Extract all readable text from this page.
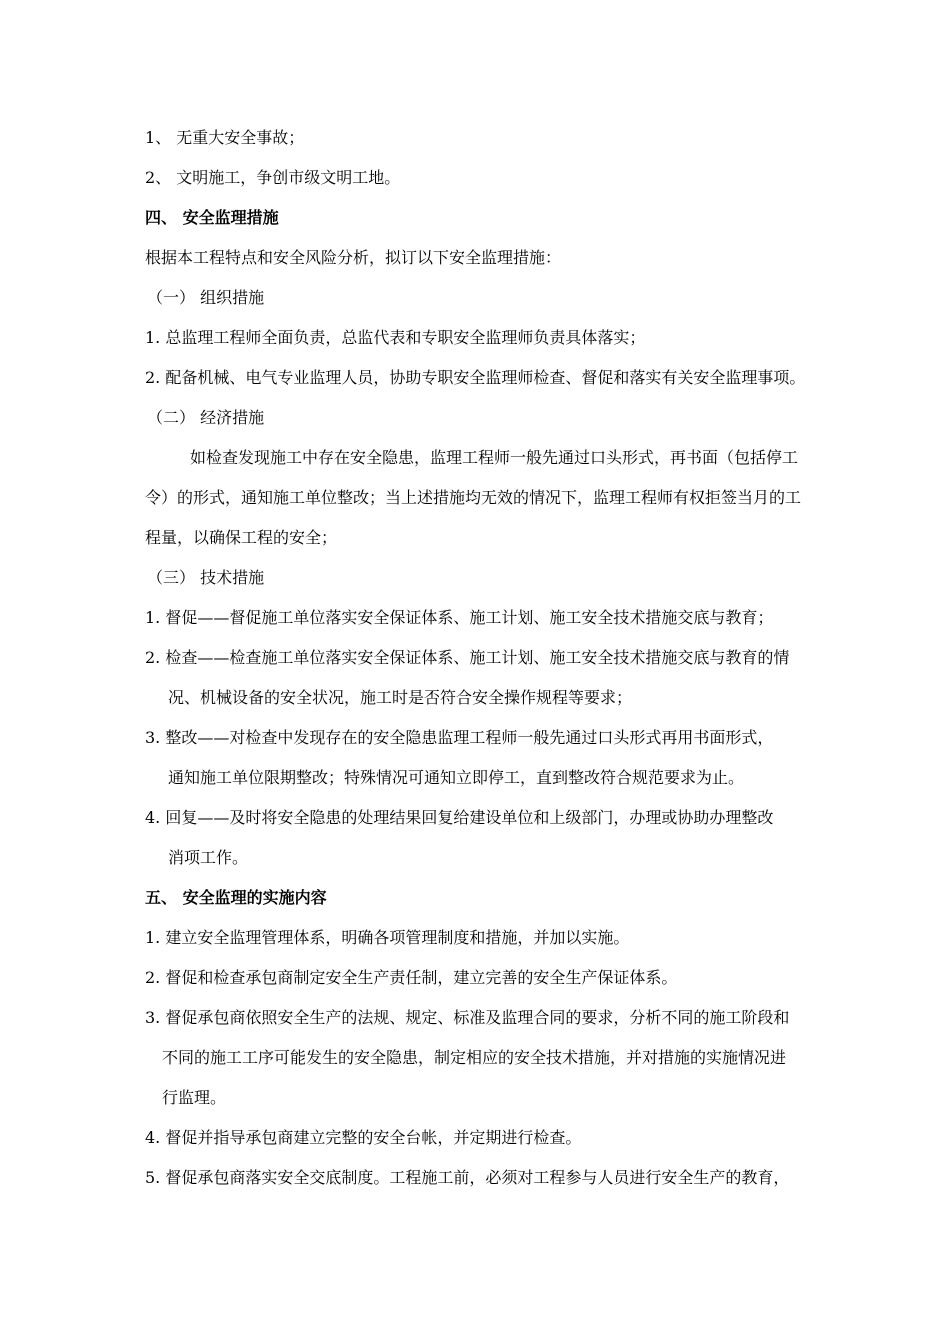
1、 无重大安全事故；
2、 文明施工，争创市级文明工地。
四、 安全监理措施
根据本工程特点和安全风险分析，拟订以下安全监理措施：
（一） 组织措施
1. 总监理工程师全面负责，总监代表和专职安全监理师负责具体落实；
2. 配备机械、电气专业监理人员，协助专职安全监理师检查、督促和落实有关安全监理事项。
（二） 经济措施
如检查发现施工中存在安全隐患，监理工程师一般先通过口头形式，再书面（包括停工
令）的形式，通知施工单位整改；当上述措施均无效的情况下，监理工程师有权拒签当月的工
程量，以确保工程的安全；
（三） 技术措施
1. 督促——督促施工单位落实安全保证体系、施工计划、施工安全技术措施交底与教育；
2. 检查——检查施工单位落实安全保证体系、施工计划、施工安全技术措施交底与教育的情
况、机械设备的安全状况，施工时是否符合安全操作规程等要求；
3. 整改——对检查中发现存在的安全隐患监理工程师一般先通过口头形式再用书面形式，
通知施工单位限期整改；特殊情况可通知立即停工，直到整改符合规范要求为止。
4. 回复——及时将安全隐患的处理结果回复给建设单位和上级部门，办理或协助办理整改
消项工作。
五、 安全监理的实施内容
1. 建立安全监理管理体系，明确各项管理制度和措施，并加以实施。
2. 督促和检查承包商制定安全生产责任制，建立完善的安全生产保证体系。
3. 督促承包商依照安全生产的法规、规定、标准及监理合同的要求，分析不同的施工阶段和
不同的施工工序可能发生的安全隐患，制定相应的安全技术措施，并对措施的实施情况进
行监理。
4. 督促并指导承包商建立完整的安全台帐，并定期进行检查。
5. 督促承包商落实安全交底制度。工程施工前，必须对工程参与人员进行安全生产的教育，
